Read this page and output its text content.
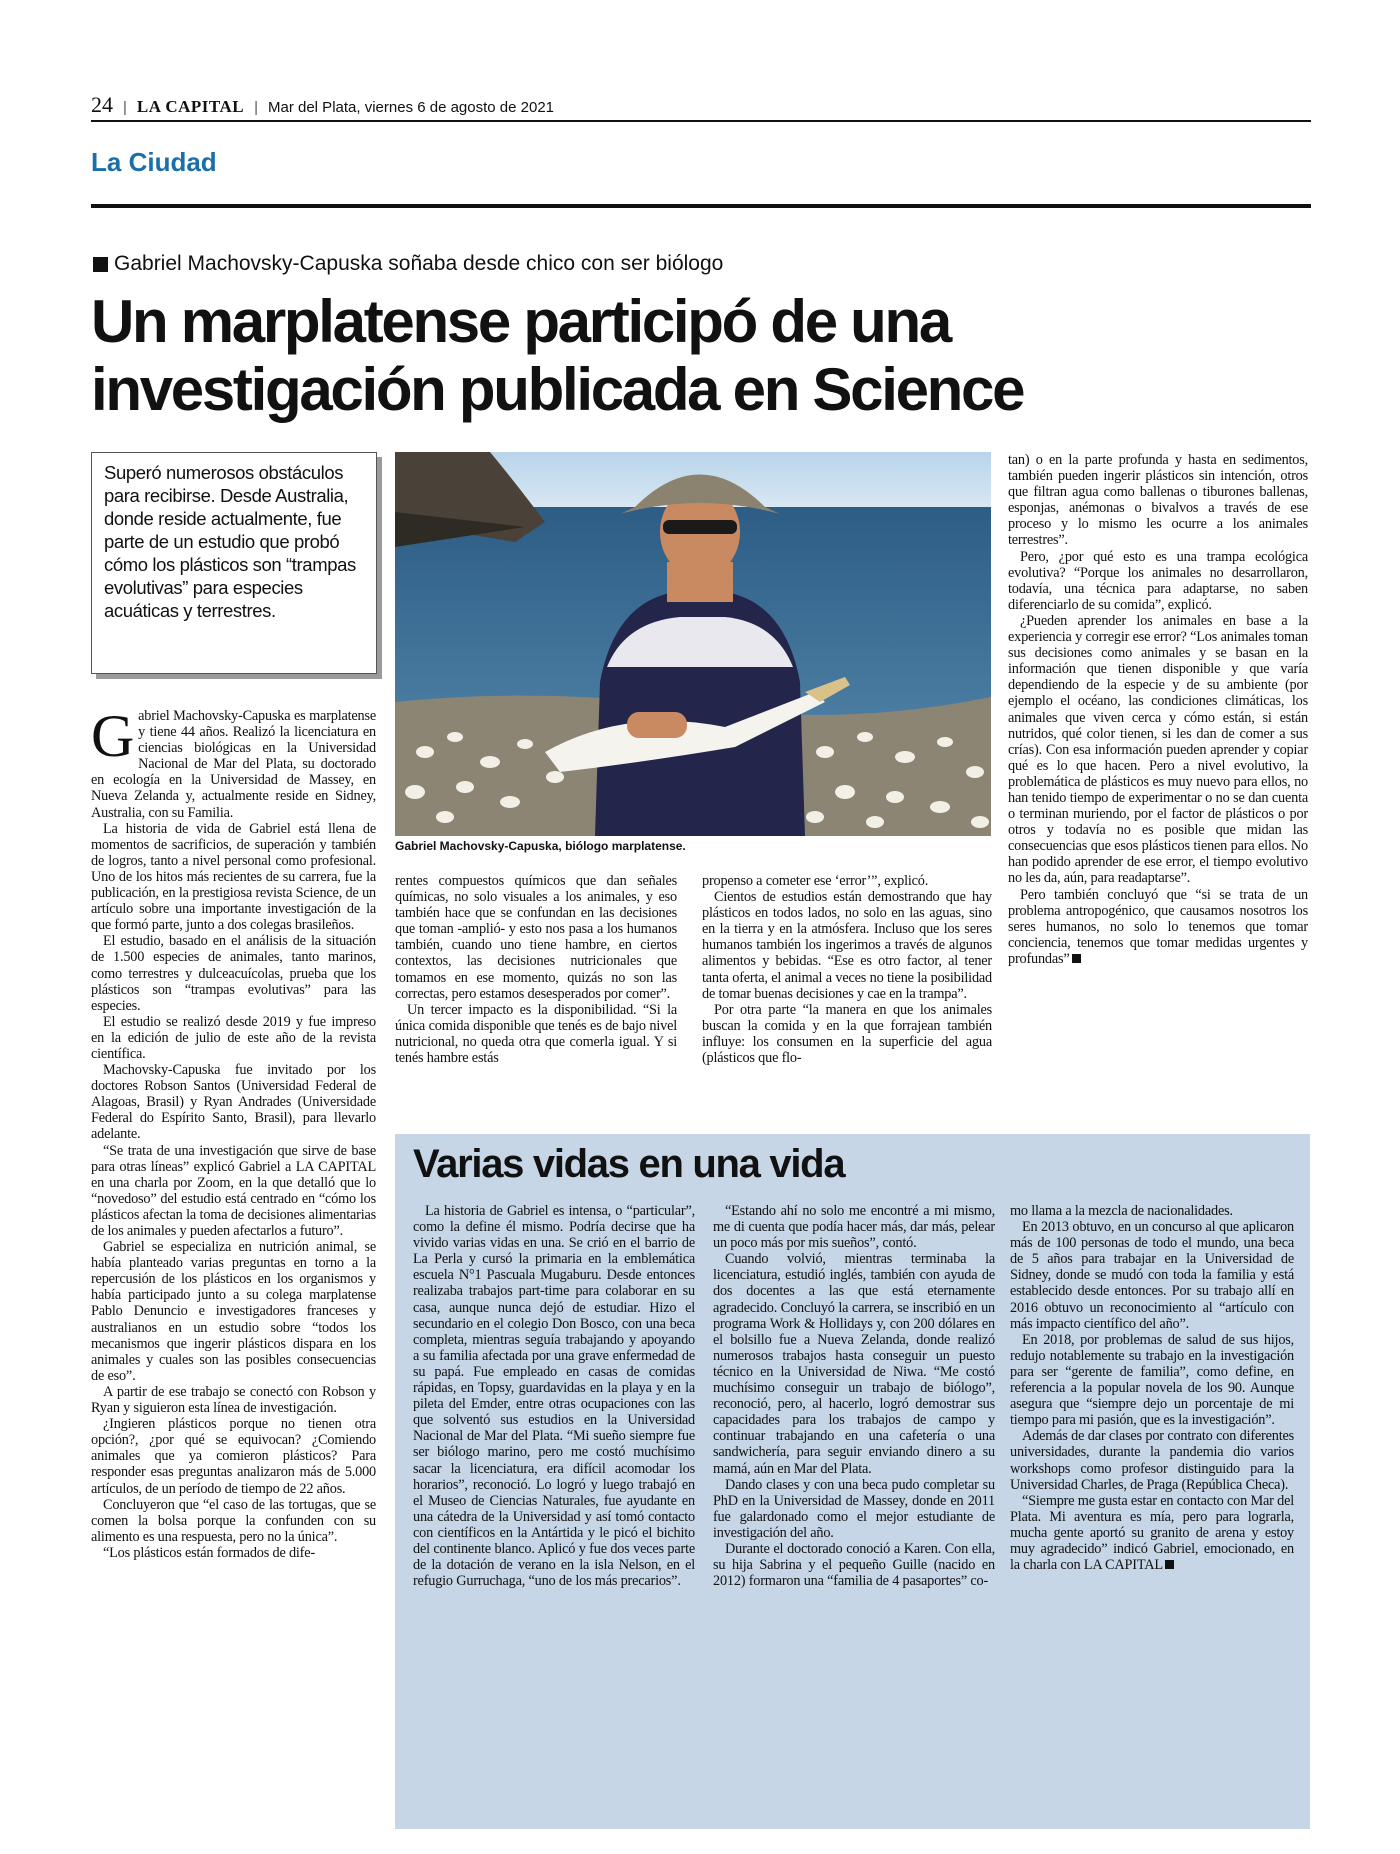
24 | LA CAPITAL | Mar del Plata, viernes 6 de agosto de 2021
La Ciudad
Gabriel Machovsky-Capuska soñaba desde chico con ser biólogo
Un marplatense participó de una investigación publicada en Science
Superó numerosos obstáculos para recibirse. Desde Australia, donde reside actualmente, fue parte de un estudio que probó cómo los plásticos son “trampas evolutivas” para especies acuáticas y terrestres.
Gabriel Machovsky-Capuska, biólogo marplatense.

Gabriel Machovsky-Capuska es marplatense y tiene 44 años. Realizó la licenciatura en ciencias biológicas en la Universidad Nacional de Mar del Plata, su doctorado en ecología en la Universidad de Massey, en Nueva Zelanda y, actualmente reside en Sidney, Australia, con su Familia.

La historia de vida de Gabriel está llena de momentos de sacrificios, de superación y también de logros, tanto a nivel personal como profesional. Uno de los hitos más recientes de su carrera, fue la publicación, en la prestigiosa revista Science, de un artículo sobre una importante investigación de la que formó parte, junto a dos colegas brasileños.

El estudio, basado en el análisis de la situación de 1.500 especies de animales, tanto marinos, como terrestres y dulceacuícolas, prueba que los plásticos son “trampas evolutivas” para las especies.

El estudio se realizó desde 2019 y fue impreso en la edición de julio de este año de la revista científica.

Machovsky-Capuska fue invitado por los doctores Robson Santos (Universidad Federal de Alagoas, Brasil) y Ryan Andrades (Universidade Federal do Espírito Santo, Brasil), para llevarlo adelante.

“Se trata de una investigación que sirve de base para otras líneas” explicó Gabriel a LA CAPITAL en una charla por Zoom, en la que detalló que lo “novedoso” del estudio está centrado en “cómo los plásticos afectan la toma de decisiones alimentarias de los animales y pueden afectarlos a futuro”.

Gabriel se especializa en nutrición animal, se había planteado varias preguntas en torno a la repercusión de los plásticos en los organismos y había participado junto a su colega marplatense Pablo Denuncio e investigadores franceses y australianos en un estudio sobre “todos los mecanismos que ingerir plásticos dispara en los animales y cuales son las posibles consecuencias de eso”.

A partir de ese trabajo se conectó con Robson y Ryan y siguieron esta línea de investigación.

¿Ingieren plásticos porque no tienen otra opción?, ¿por qué se equivocan? ¿Comiendo animales que ya comieron plásticos? Para responder esas preguntas analizaron más de 5.000 artículos, de un período de tiempo de 22 años.

Concluyeron que “el caso de las tortugas, que se comen la bolsa porque la confunden con su alimento es una respuesta, pero no la única”.

“Los plásticos están formados de dife-

rentes compuestos químicos que dan señales químicas, no solo visuales a los animales, y eso también hace que se confundan en las decisiones que toman -amplió- y esto nos pasa a los humanos también, cuando uno tiene hambre, en ciertos contextos, las decisiones nutricionales que tomamos en ese momento, quizás no son las correctas, pero estamos desesperados por comer”.

Un tercer impacto es la disponibilidad. “Si la única comida disponible que tenés es de bajo nivel nutricional, no queda otra que comerla igual. Y si tenés hambre estás

propenso a cometer ese ‘error’”, explicó.

Cientos de estudios están demostrando que hay plásticos en todos lados, no solo en las aguas, sino en la tierra y en la atmósfera. Incluso que los seres humanos también los ingerimos a través de algunos alimentos y bebidas. “Ese es otro factor, al tener tanta oferta, el animal a veces no tiene la posibilidad de tomar buenas decisiones y cae en la trampa”.

Por otra parte “la manera en que los animales buscan la comida y en la que forrajean también influye: los consumen en la superficie del agua (plásticos que flo-

tan) o en la parte profunda y hasta en sedimentos, también pueden ingerir plásticos sin intención, otros que filtran agua como ballenas o tiburones ballenas, esponjas, anémonas o bivalvos a través de ese proceso y lo mismo les ocurre a los animales terrestres”.

Pero, ¿por qué esto es una trampa ecológica evolutiva? “Porque los animales no desarrollaron, todavía, una técnica para adaptarse, no saben diferenciarlo de su comida”, explicó.

¿Pueden aprender los animales en base a la experiencia y corregir ese error? “Los animales toman sus decisiones como animales y se basan en la información que tienen disponible y que varía dependiendo de la especie y de su ambiente (por ejemplo el océano, las condiciones climáticas, los animales que viven cerca y cómo están, si están nutridos, qué color tienen, si les dan de comer a sus crías). Con esa información pueden aprender y copiar qué es lo que hacen. Pero a nivel evolutivo, la problemática de plásticos es muy nuevo para ellos, no han tenido tiempo de experimentar o no se dan cuenta o terminan muriendo, por el factor de plásticos o por otros y todavía no es posible que midan las consecuencias que esos plásticos tienen para ellos. No han podido aprender de ese error, el tiempo evolutivo no les da, aún, para readaptarse”.

Pero también concluyó que “si se trata de un problema antropogénico, que causamos nosotros los seres humanos, no solo lo tenemos que tomar conciencia, tenemos que tomar medidas urgentes y profundas”

Varias vidas en una vida

La historia de Gabriel es intensa, o “particular”, como la define él mismo. Podría decirse que ha vivido varias vidas en una. Se crió en el barrio de La Perla y cursó la primaria en la emblemática escuela N°1 Pascuala Mugaburu. Desde entonces realizaba trabajos part-time para colaborar en su casa, aunque nunca dejó de estudiar. Hizo el secundario en el colegio Don Bosco, con una beca completa, mientras seguía trabajando y apoyando a su familia afectada por una grave enfermedad de su papá. Fue empleado en casas de comidas rápidas, en Topsy, guardavidas en la playa y en la pileta del Emder, entre otras ocupaciones con las que solventó sus estudios en la Universidad Nacional de Mar del Plata. “Mi sueño siempre fue ser biólogo marino, pero me costó muchísimo sacar la licenciatura, era difícil acomodar los horarios”, reconoció. Lo logró y luego trabajó en el Museo de Ciencias Naturales, fue ayudante en una cátedra de la Universidad y así tomó contacto con científicos en la Antártida y le picó el bichito del continente blanco. Aplicó y fue dos veces parte de la dotación de verano en la isla Nelson, en el refugio Gurruchaga, “uno de los más precarios”.

“Estando ahí no solo me encontré a mi mismo, me di cuenta que podía hacer más, dar más, pelear un poco más por mis sueños”, contó.

Cuando volvió, mientras terminaba la licenciatura, estudió inglés, también con ayuda de dos docentes a las que está eternamente agradecido. Concluyó la carrera, se inscribió en un programa Work & Hollidays y, con 200 dólares en el bolsillo fue a Nueva Zelanda, donde realizó numerosos trabajos hasta conseguir un puesto técnico en la Universidad de Niwa. “Me costó muchísimo conseguir un trabajo de biólogo”, reconoció, pero, al hacerlo, logró demostrar sus capacidades para los trabajos de campo y continuar trabajando en una cafetería o una sandwichería, para seguir enviando dinero a su mamá, aún en Mar del Plata.

Dando clases y con una beca pudo completar su PhD en la Universidad de Massey, donde en 2011 fue galardonado como el mejor estudiante de investigación del año.

Durante el doctorado conoció a Karen. Con ella, su hija Sabrina y el pequeño Guille (nacido en 2012) formaron una “familia de 4 pasaportes” co-

mo llama a la mezcla de nacionalidades.

En 2013 obtuvo, en un concurso al que aplicaron más de 100 personas de todo el mundo, una beca de 5 años para trabajar en la Universidad de Sidney, donde se mudó con toda la familia y está establecido desde entonces. Por su trabajo allí en 2016 obtuvo un reconocimiento al “artículo con más impacto científico del año”.

En 2018, por problemas de salud de sus hijos, redujo notablemente su trabajo en la investigación para ser “gerente de familia”, como define, en referencia a la popular novela de los 90. Aunque asegura que “siempre dejo un porcentaje de mi tiempo para mi pasión, que es la investigación”.

Además de dar clases por contrato con diferentes universidades, durante la pandemia dio varios workshops como profesor distinguido para la Universidad Charles, de Praga (República Checa).

“Siempre me gusta estar en contacto con Mar del Plata. Mi aventura es mía, pero para lograrla, mucha gente aportó su granito de arena y estoy muy agradecido” indicó Gabriel, emocionado, en la charla con LA CAPITAL
